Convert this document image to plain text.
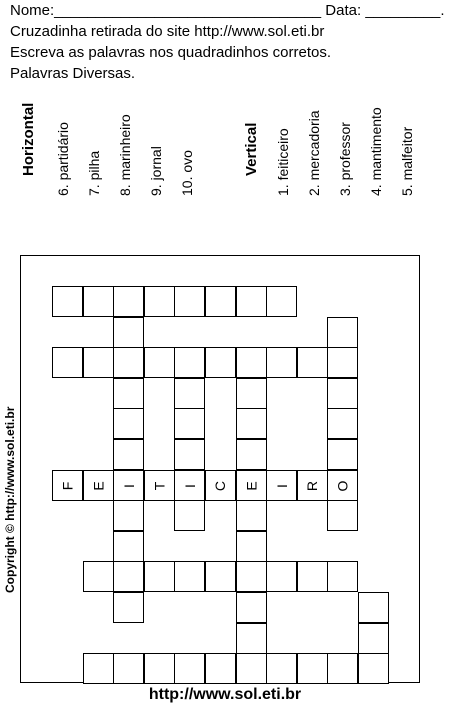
Nome:________________________________ Data: _________.
Cruzadinha retirada do site http://www.sol.eti.br
Escreva as palavras nos quadradinhos corretos.
Palavras Diversas.
Horizontal 6. partidário 7. pilha 8. marinheiro 9. jornal 10. ovo	Vertical 1. feiticeiro 2. mercadoria 3. professor 4. mantimento 5. malfeitor
F E I T I C E I R O
Copyright © http://www.sol.eti.br
http://www.sol.eti.br
